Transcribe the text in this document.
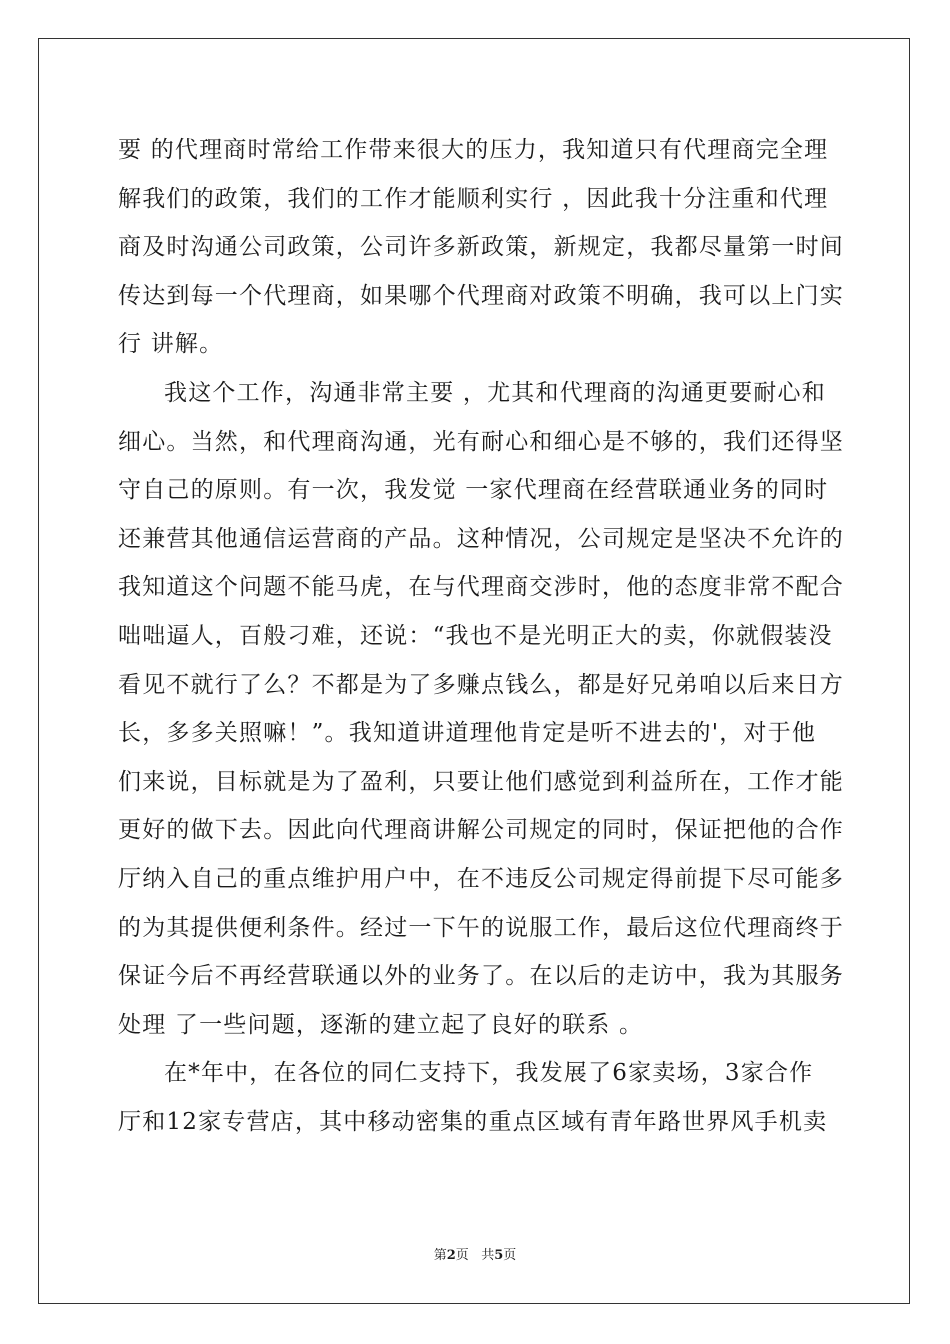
要 的代理商时常给工作带来很大的压力，我知道只有代理商完全理
解我们的政策，我们的工作才能顺利实行 ，因此我十分注重和代理
商及时沟通公司政策，公司许多新政策，新规定，我都尽量第一时间
传达到每一个代理商，如果哪个代理商对政策不明确，我可以上门实
行 讲解。
我这个工作，沟通非常主要 ，尤其和代理商的沟通更要耐心和
细心。当然，和代理商沟通，光有耐心和细心是不够的，我们还得坚
守自己的原则。有一次，我发觉 一家代理商在经营联通业务的同时
还兼营其他通信运营商的产品。这种情况，公司规定是坚决不允许的
我知道这个问题不能马虎，在与代理商交涉时，他的态度非常不配合
咄咄逼人，百般刁难，还说：“我也不是光明正大的卖，你就假装没
看见不就行了么？不都是为了多赚点钱么，都是好兄弟咱以后来日方
长，多多关照嘛！”。我知道讲道理他肯定是听不进去的'，对于他
们来说，目标就是为了盈利，只要让他们感觉到利益所在，工作才能
更好的做下去。因此向代理商讲解公司规定的同时，保证把他的合作
厅纳入自己的重点维护用户中，在不违反公司规定得前提下尽可能多
的为其提供便利条件。经过一下午的说服工作，最后这位代理商终于
保证今后不再经营联通以外的业务了。在以后的走访中，我为其服务
处理 了一些问题，逐渐的建立起了良好的联系 。
在*年中，在各位的同仁支持下，我发展了6家卖场，3家合作
厅和12家专营店，其中移动密集的重点区域有青年路世界风手机卖
第2页 共5页
